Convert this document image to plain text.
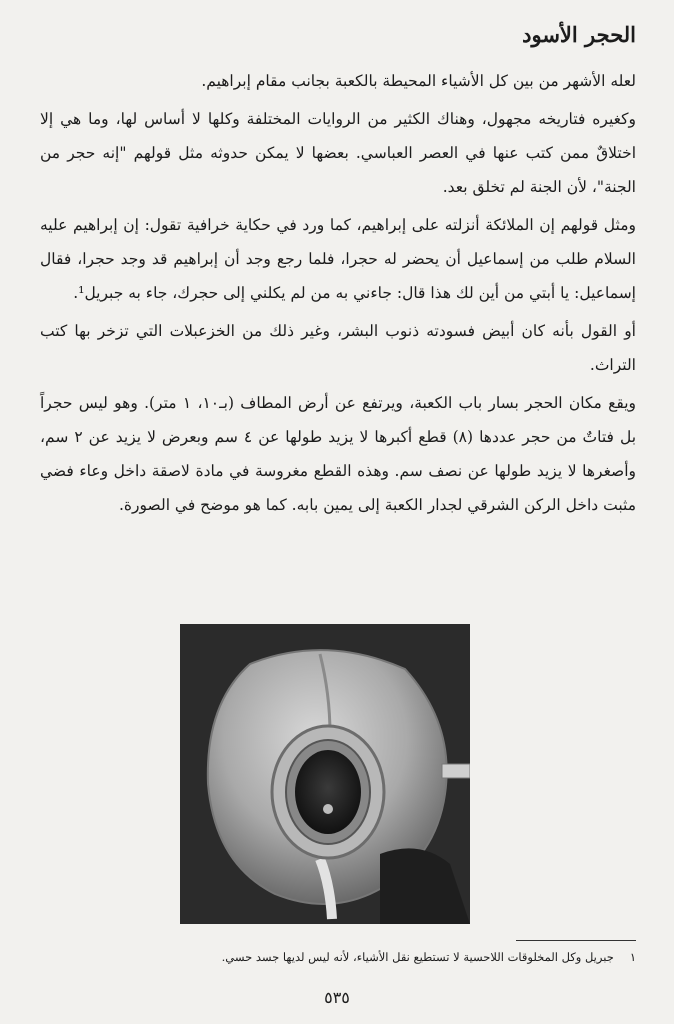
الحجر الأسود

لعله الأشهر من بين كل الأشياء المحيطة بالكعبة بجانب مقام إبراهيم.

وكغيره فتاريخه مجهول، وهناك الكثير من الروايات المختلفة وكلها لا أساس لها، وما هي إلا اختلاقٌ ممن كتب عنها في العصر العباسي. بعضها لا يمكن حدوثه مثل قولهم "إنه حجر من الجنة"، لأن الجنة لم تخلق بعد.

ومثل قولهم إن الملائكة أنزلته على إبراهيم، كما ورد في حكاية خرافية تقول: إن إبراهيم عليه السلام طلب من إسماعيل أن يحضر له حجرا، فلما رجع وجد أن إبراهيم قد وجد حجرا، فقال إسماعيل: يا أبتي من أين لك هذا قال: جاءني به من لم يكلني إلى حجرك، جاء به جبريل¹.

أو القول بأنه كان أبيض فسودته ذنوب البشر، وغير ذلك من الخزعبلات التي تزخر بها كتب التراث.

ويقع مكان الحجر بسار باب الكعبة، ويرتفع عن أرض المطاف (بـ١٠، ١ متر). وهو ليس حجراً بل فتاتٌ من حجر عددها (٨) قطع أكبرها لا يزيد طولها عن ٤ سم وبعرض لا يزيد عن ٢ سم، وأصغرها لا يزيد طولها عن نصف سم. وهذه القطع مغروسة في مادة لاصقة داخل وعاء فضي مثبت داخل الركن الشرقي لجدار الكعبة إلى يمين بابه. كما هو موضح في الصورة.

١جبريل وكل المخلوقات اللاحسية لا تستطيع نقل الأشياء، لأنه ليس لديها جسد حسي.
٥٣٥
